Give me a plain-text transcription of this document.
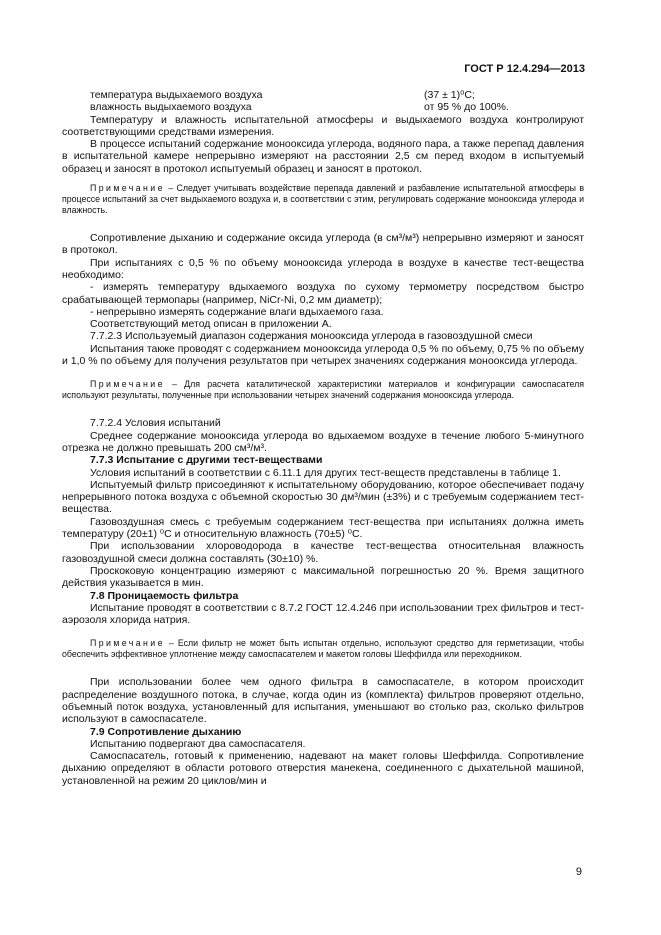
ГОСТ Р 12.4.294—2013
температура выдыхаемого воздуха	(37 ± 1)⁰С;
влажность выдыхаемого воздуха	от 95 % до 100%.

Температуру и влажность испытательной атмосферы и выдыхаемого воздуха контролируют соответствующими средствами измерения.

В процессе испытаний содержание монооксида углерода, водяного пара, а также перепад давления в испытательной камере непрерывно измеряют на расстоянии 2,5 см перед входом в испытуемый образец и заносят в протокол испытуемый образец и заносят в протокол.

Примечание – Следует учитывать воздействие перепада давлений и разбавление испытательной атмосферы в процессе испытаний за счет выдыхаемого воздуха и, в соответствии с этим, регулировать содержание монооксида углерода и влажность.

Сопротивление дыханию и содержание оксида углерода (в см³/м³) непрерывно измеряют и заносят в протокол.

При испытаниях с 0,5 % по объему монооксида углерода в воздухе в качестве тест-вещества необходимо:

- измерять температуру вдыхаемого воздуха по сухому термометру посредством быстро срабатывающей термопары (например, NiCr-Ni, 0,2 мм диаметр);

- непрерывно измерять содержание влаги вдыхаемого газа.

Соответствующий метод описан в приложении А.

7.7.2.3 Используемый диапазон содержания монооксида углерода в газовоздушной смеси

Испытания также проводят с содержанием монооксида углерода 0,5 % по объему, 0,75 % по объему и 1,0 % по объему для получения результатов при четырех значениях содержания монооксида углерода.

Примечание – Для расчета каталитической характеристики материалов и конфигурации самоспасателя используют результаты, полученные при использовании четырех значений содержания монооксида углерода.

7.7.2.4 Условия испытаний

Среднее содержание монооксида углерода во вдыхаемом воздухе в течение любого 5-минутного отрезка не должно превышать 200 см³/м³.

7.7.3 Испытание с другими тест-веществами

Условия испытаний в соответствии с 6.11.1 для других тест-веществ представлены в таблице 1.

Испытуемый фильтр присоединяют к испытательному оборудованию, которое обеспечивает подачу непрерывного потока воздуха с объемной скоростью 30 дм³/мин (±3%) и с требуемым содержанием тест-вещества.

Газовоздушная смесь с требуемым содержанием тест-вещества при испытаниях должна иметь температуру (20±1) ⁰С и относительную влажность (70±5) ⁰С.

При использовании хлороводорода в качестве тест-вещества относительная влажность газовоздушной смеси должна составлять (30±10) %.

Проскоковую концентрацию измеряют с максимальной погрешностью 20 %. Время защитного действия указывается в мин.

7.8 Проницаемость фильтра

Испытание проводят в соответствии с 8.7.2 ГОСТ 12.4.246 при использовании трех фильтров и тест-аэрозоля хлорида натрия.

Примечание – Если фильтр не может быть испытан отдельно, используют средство для герметизации, чтобы обеспечить эффективное уплотнение между самоспасателем и макетом головы Шеффилда или переходником.

При использовании более чем одного фильтра в самоспасателе, в котором происходит распределение воздушного потока, в случае, когда один из (комплекта) фильтров проверяют отдельно, объемный поток воздуха, установленный для испытания, уменьшают во столько раз, сколько фильтров используют в самоспасателе.

7.9 Сопротивление дыханию

Испытанию подвергают два самоспасателя.

Самоспасатель, готовый к применению, надевают на макет головы Шеффилда. Сопротивление дыханию определяют в области ротового отверстия манекена, соединенного с дыхательной машиной, установленной на режим 20 циклов/мин и

9
